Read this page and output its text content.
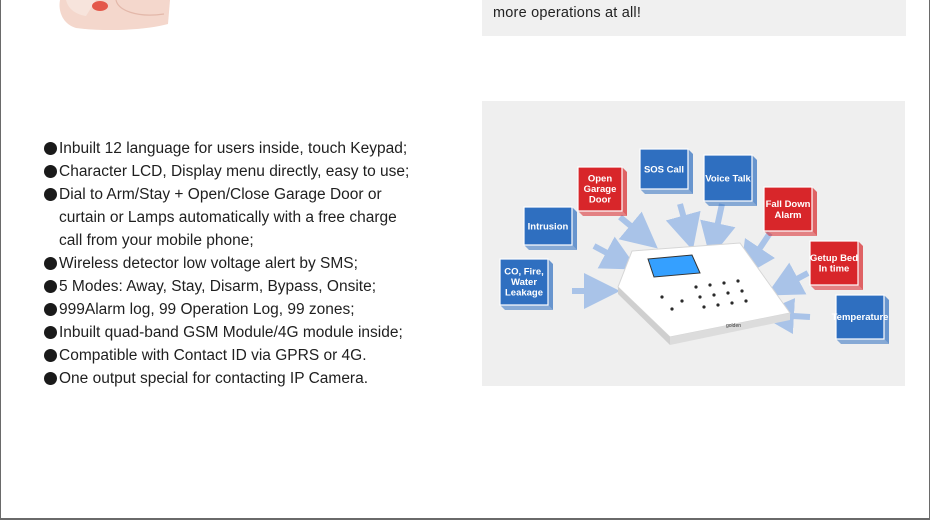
more operations at all!
Inbuilt 12 language for users inside, touch Keypad;
Character LCD, Display menu directly, easy to use;
Dial to Arm/Stay + Open/Close Garage Door or
curtain or Lamps automatically with a free charge
call from your mobile phone;
Wireless detector low voltage alert by SMS;
5 Modes: Away, Stay, Disarm, Bypass, Onsite;
999Alarm log, 99 Operation Log, 99 zones;
Inbuilt quad-band GSM Module/4G module inside;
Compatible with Contact ID via GPRS or 4G.
One output special for contacting IP Camera.
golden
CO, Fire,
Water
Leakage
Intrusion
Open
Garage
Door
SOS Call
Voice Talk
Fall Down
Alarm
Getup Bed
In time
Temperature
